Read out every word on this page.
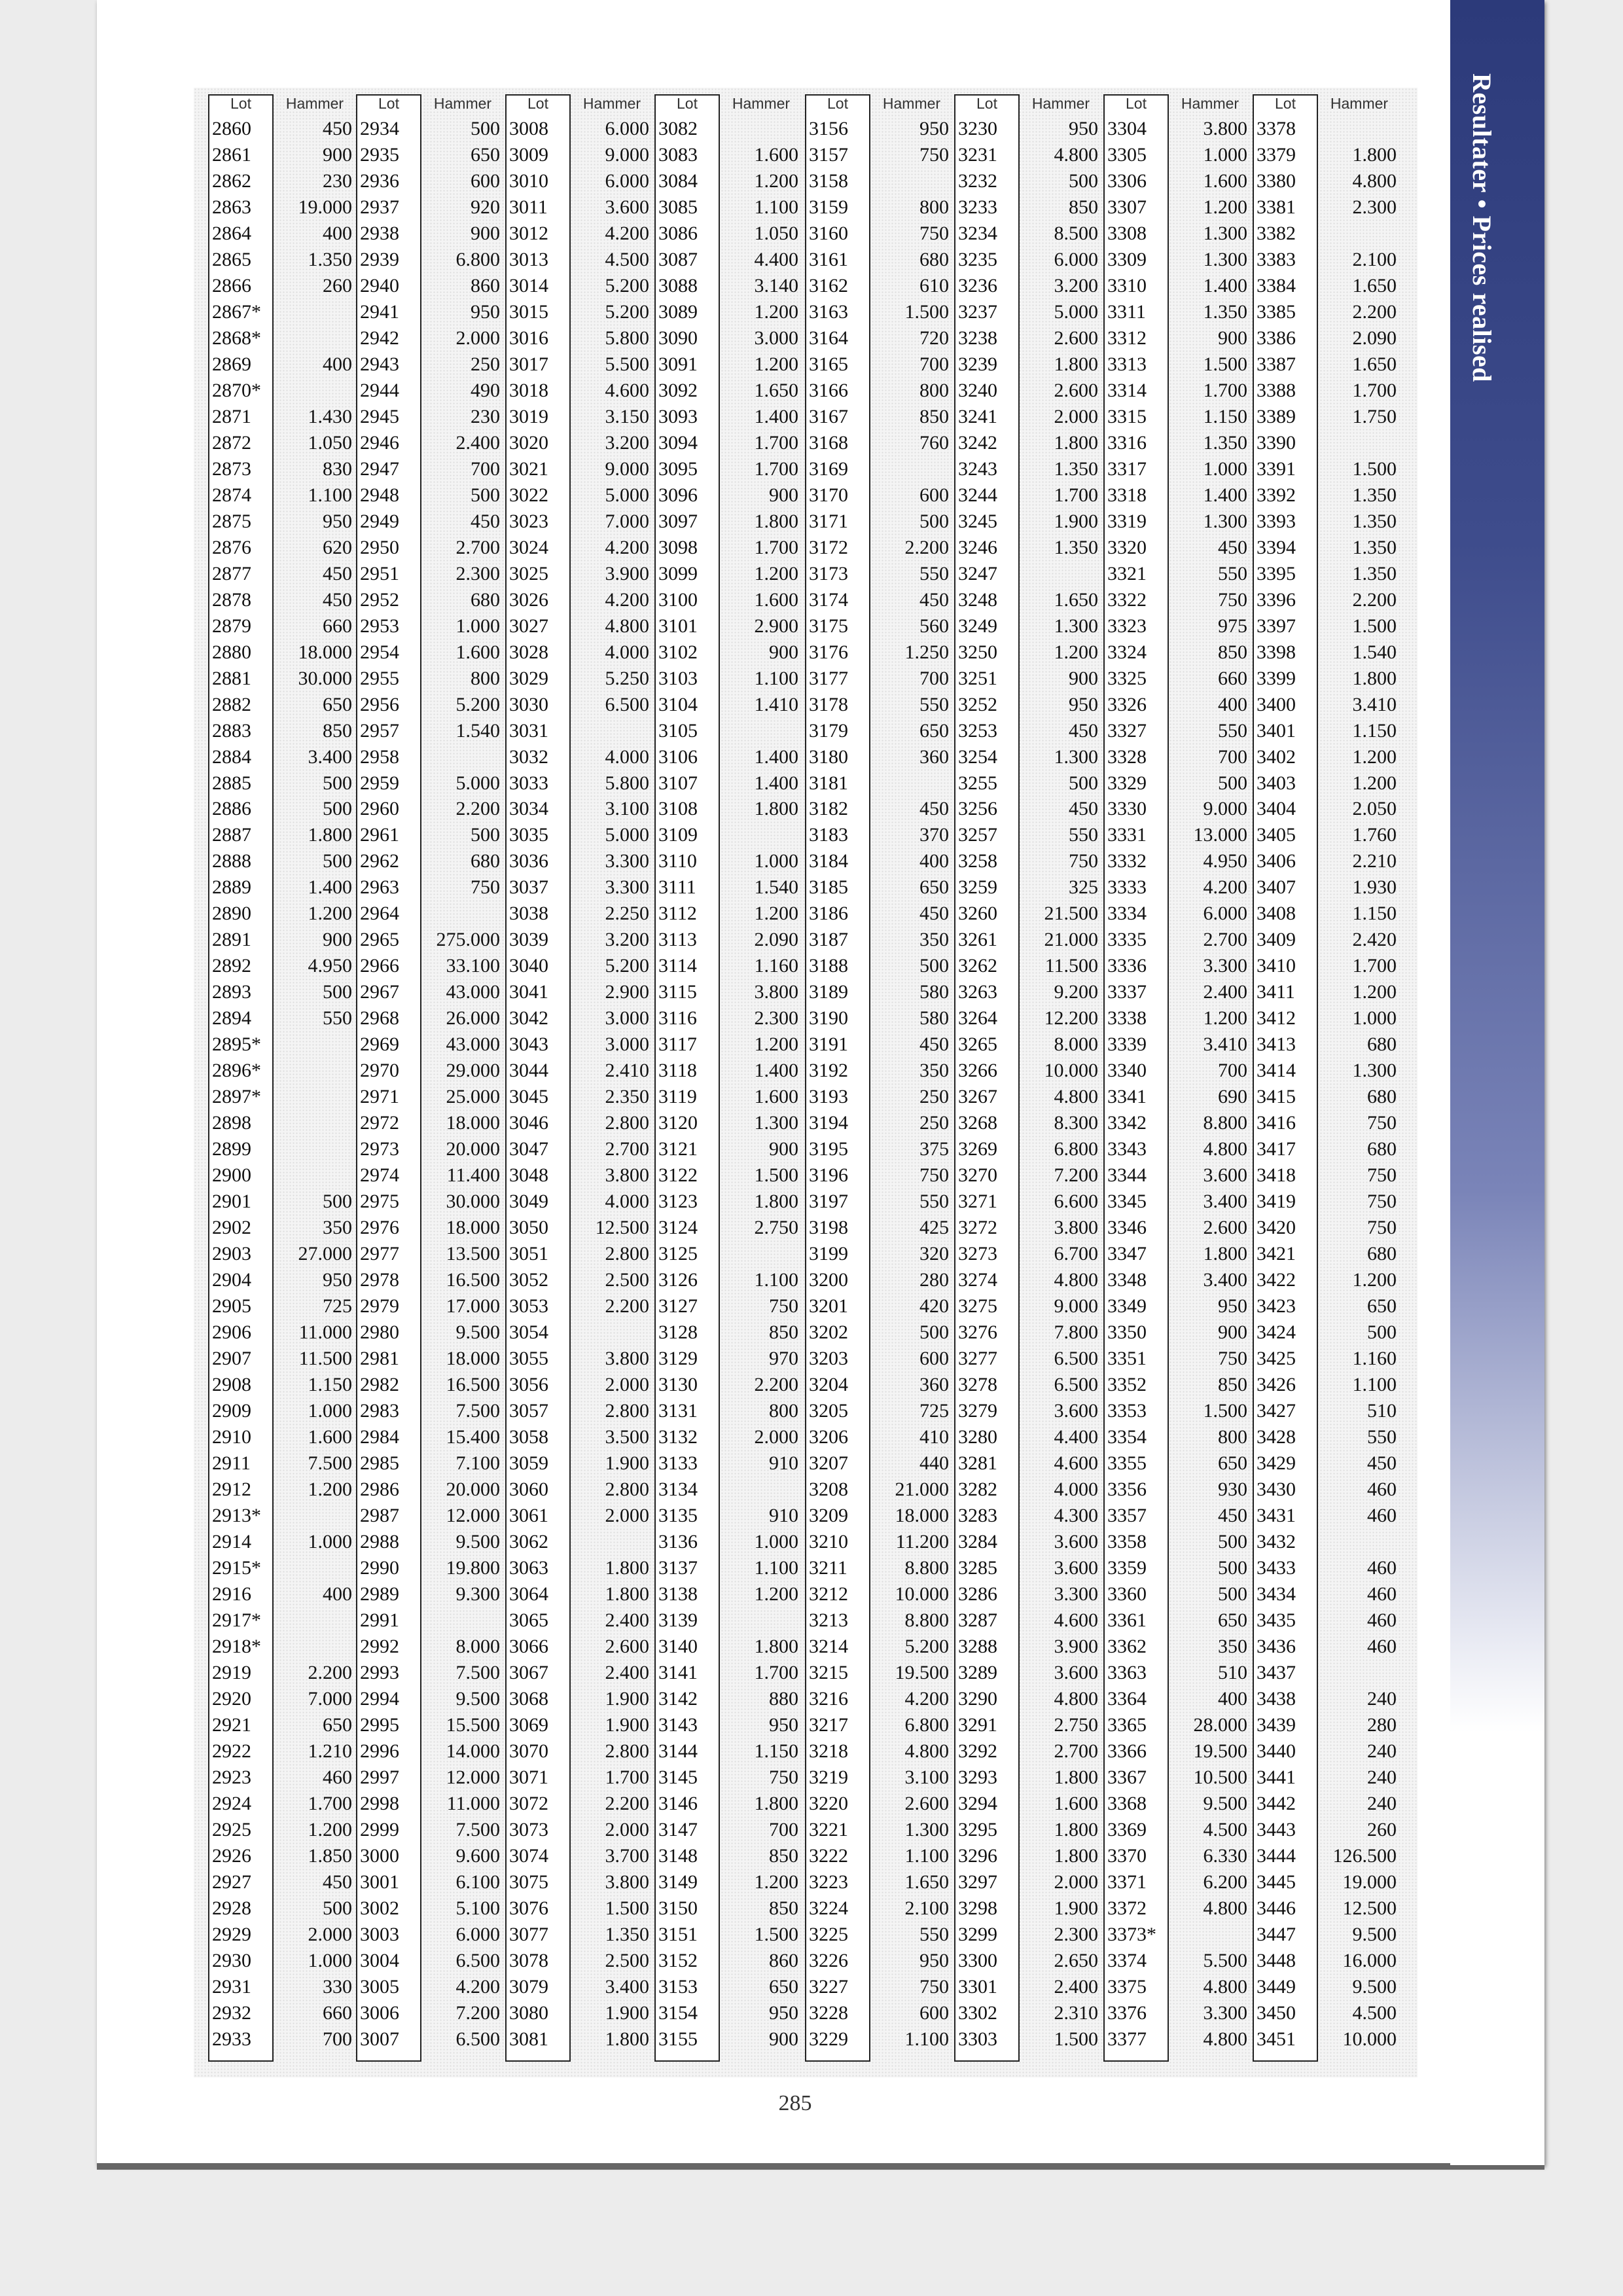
Resultater • Prices realised
Lot	Hammer
2860	450
2861	900
2862	230
2863	19.000
2864	400
2865	1.350
2866	260
2867*
2868*
2869	400
2870*
2871	1.430
2872	1.050
2873	830
2874	1.100
2875	950
2876	620
2877	450
2878	450
2879	660
2880	18.000
2881	30.000
2882	650
2883	850
2884	3.400
2885	500
2886	500
2887	1.800
2888	500
2889	1.400
2890	1.200
2891	900
2892	4.950
2893	500
2894	550
2895*
2896*
2897*
2898
2899
2900
2901	500
2902	350
2903	27.000
2904	950
2905	725
2906	11.000
2907	11.500
2908	1.150
2909	1.000
2910	1.600
2911	7.500
2912	1.200
2913*
2914	1.000
2915*
2916	400
2917*
2918*
2919	2.200
2920	7.000
2921	650
2922	1.210
2923	460
2924	1.700
2925	1.200
2926	1.850
2927	450
2928	500
2929	2.000
2930	1.000
2931	330
2932	660
2933	700
Lot	Hammer
2934	500
2935	650
2936	600
2937	920
2938	900
2939	6.800
2940	860
2941	950
2942	2.000
2943	250
2944	490
2945	230
2946	2.400
2947	700
2948	500
2949	450
2950	2.700
2951	2.300
2952	680
2953	1.000
2954	1.600
2955	800
2956	5.200
2957	1.540
2958
2959	5.000
2960	2.200
2961	500
2962	680
2963	750
2964
2965	275.000
2966	33.100
2967	43.000
2968	26.000
2969	43.000
2970	29.000
2971	25.000
2972	18.000
2973	20.000
2974	11.400
2975	30.000
2976	18.000
2977	13.500
2978	16.500
2979	17.000
2980	9.500
2981	18.000
2982	16.500
2983	7.500
2984	15.400
2985	7.100
2986	20.000
2987	12.000
2988	9.500
2990	19.800
2989	9.300
2991
2992	8.000
2993	7.500
2994	9.500
2995	15.500
2996	14.000
2997	12.000
2998	11.000
2999	7.500
3000	9.600
3001	6.100
3002	5.100
3003	6.000
3004	6.500
3005	4.200
3006	7.200
3007	6.500
Lot	Hammer
3008	6.000
3009	9.000
3010	6.000
3011	3.600
3012	4.200
3013	4.500
3014	5.200
3015	5.200
3016	5.800
3017	5.500
3018	4.600
3019	3.150
3020	3.200
3021	9.000
3022	5.000
3023	7.000
3024	4.200
3025	3.900
3026	4.200
3027	4.800
3028	4.000
3029	5.250
3030	6.500
3031
3032	4.000
3033	5.800
3034	3.100
3035	5.000
3036	3.300
3037	3.300
3038	2.250
3039	3.200
3040	5.200
3041	2.900
3042	3.000
3043	3.000
3044	2.410
3045	2.350
3046	2.800
3047	2.700
3048	3.800
3049	4.000
3050	12.500
3051	2.800
3052	2.500
3053	2.200
3054
3055	3.800
3056	2.000
3057	2.800
3058	3.500
3059	1.900
3060	2.800
3061	2.000
3062
3063	1.800
3064	1.800
3065	2.400
3066	2.600
3067	2.400
3068	1.900
3069	1.900
3070	2.800
3071	1.700
3072	2.200
3073	2.000
3074	3.700
3075	3.800
3076	1.500
3077	1.350
3078	2.500
3079	3.400
3080	1.900
3081	1.800
Lot	Hammer
3082
3083	1.600
3084	1.200
3085	1.100
3086	1.050
3087	4.400
3088	3.140
3089	1.200
3090	3.000
3091	1.200
3092	1.650
3093	1.400
3094	1.700
3095	1.700
3096	900
3097	1.800
3098	1.700
3099	1.200
3100	1.600
3101	2.900
3102	900
3103	1.100
3104	1.410
3105
3106	1.400
3107	1.400
3108	1.800
3109
3110	1.000
3111	1.540
3112	1.200
3113	2.090
3114	1.160
3115	3.800
3116	2.300
3117	1.200
3118	1.400
3119	1.600
3120	1.300
3121	900
3122	1.500
3123	1.800
3124	2.750
3125
3126	1.100
3127	750
3128	850
3129	970
3130	2.200
3131	800
3132	2.000
3133	910
3134
3135	910
3136	1.000
3137	1.100
3138	1.200
3139
3140	1.800
3141	1.700
3142	880
3143	950
3144	1.150
3145	750
3146	1.800
3147	700
3148	850
3149	1.200
3150	850
3151	1.500
3152	860
3153	650
3154	950
3155	900
Lot	Hammer
3156	950
3157	750
3158
3159	800
3160	750
3161	680
3162	610
3163	1.500
3164	720
3165	700
3166	800
3167	850
3168	760
3169
3170	600
3171	500
3172	2.200
3173	550
3174	450
3175	560
3176	1.250
3177	700
3178	550
3179	650
3180	360
3181
3182	450
3183	370
3184	400
3185	650
3186	450
3187	350
3188	500
3189	580
3190	580
3191	450
3192	350
3193	250
3194	250
3195	375
3196	750
3197	550
3198	425
3199	320
3200	280
3201	420
3202	500
3203	600
3204	360
3205	725
3206	410
3207	440
3208	21.000
3209	18.000
3210	11.200
3211	8.800
3212	10.000
3213	8.800
3214	5.200
3215	19.500
3216	4.200
3217	6.800
3218	4.800
3219	3.100
3220	2.600
3221	1.300
3222	1.100
3223	1.650
3224	2.100
3225	550
3226	950
3227	750
3228	600
3229	1.100
Lot	Hammer
3230	950
3231	4.800
3232	500
3233	850
3234	8.500
3235	6.000
3236	3.200
3237	5.000
3238	2.600
3239	1.800
3240	2.600
3241	2.000
3242	1.800
3243	1.350
3244	1.700
3245	1.900
3246	1.350
3247
3248	1.650
3249	1.300
3250	1.200
3251	900
3252	950
3253	450
3254	1.300
3255	500
3256	450
3257	550
3258	750
3259	325
3260	21.500
3261	21.000
3262	11.500
3263	9.200
3264	12.200
3265	8.000
3266	10.000
3267	4.800
3268	8.300
3269	6.800
3270	7.200
3271	6.600
3272	3.800
3273	6.700
3274	4.800
3275	9.000
3276	7.800
3277	6.500
3278	6.500
3279	3.600
3280	4.400
3281	4.600
3282	4.000
3283	4.300
3284	3.600
3285	3.600
3286	3.300
3287	4.600
3288	3.900
3289	3.600
3290	4.800
3291	2.750
3292	2.700
3293	1.800
3294	1.600
3295	1.800
3296	1.800
3297	2.000
3298	1.900
3299	2.300
3300	2.650
3301	2.400
3302	2.310
3303	1.500
Lot	Hammer
3304	3.800
3305	1.000
3306	1.600
3307	1.200
3308	1.300
3309	1.300
3310	1.400
3311	1.350
3312	900
3313	1.500
3314	1.700
3315	1.150
3316	1.350
3317	1.000
3318	1.400
3319	1.300
3320	450
3321	550
3322	750
3323	975
3324	850
3325	660
3326	400
3327	550
3328	700
3329	500
3330	9.000
3331	13.000
3332	4.950
3333	4.200
3334	6.000
3335	2.700
3336	3.300
3337	2.400
3338	1.200
3339	3.410
3340	700
3341	690
3342	8.800
3343	4.800
3344	3.600
3345	3.400
3346	2.600
3347	1.800
3348	3.400
3349	950
3350	900
3351	750
3352	850
3353	1.500
3354	800
3355	650
3356	930
3357	450
3358	500
3359	500
3360	500
3361	650
3362	350
3363	510
3364	400
3365	28.000
3366	19.500
3367	10.500
3368	9.500
3369	4.500
3370	6.330
3371	6.200
3372	4.800
3373*
3374	5.500
3375	4.800
3376	3.300
3377	4.800
Lot	Hammer
3378
3379	1.800
3380	4.800
3381	2.300
3382
3383	2.100
3384	1.650
3385	2.200
3386	2.090
3387	1.650
3388	1.700
3389	1.750
3390
3391	1.500
3392	1.350
3393	1.350
3394	1.350
3395	1.350
3396	2.200
3397	1.500
3398	1.540
3399	1.800
3400	3.410
3401	1.150
3402	1.200
3403	1.200
3404	2.050
3405	1.760
3406	2.210
3407	1.930
3408	1.150
3409	2.420
3410	1.700
3411	1.200
3412	1.000
3413	680
3414	1.300
3415	680
3416	750
3417	680
3418	750
3419	750
3420	750
3421	680
3422	1.200
3423	650
3424	500
3425	1.160
3426	1.100
3427	510
3428	550
3429	450
3430	460
3431	460
3432
3433	460
3434	460
3435	460
3436	460
3437
3438	240
3439	280
3440	240
3441	240
3442	240
3443	260
3444	126.500
3445	19.000
3446	12.500
3447	9.500
3448	16.000
3449	9.500
3450	4.500
3451	10.000
285
